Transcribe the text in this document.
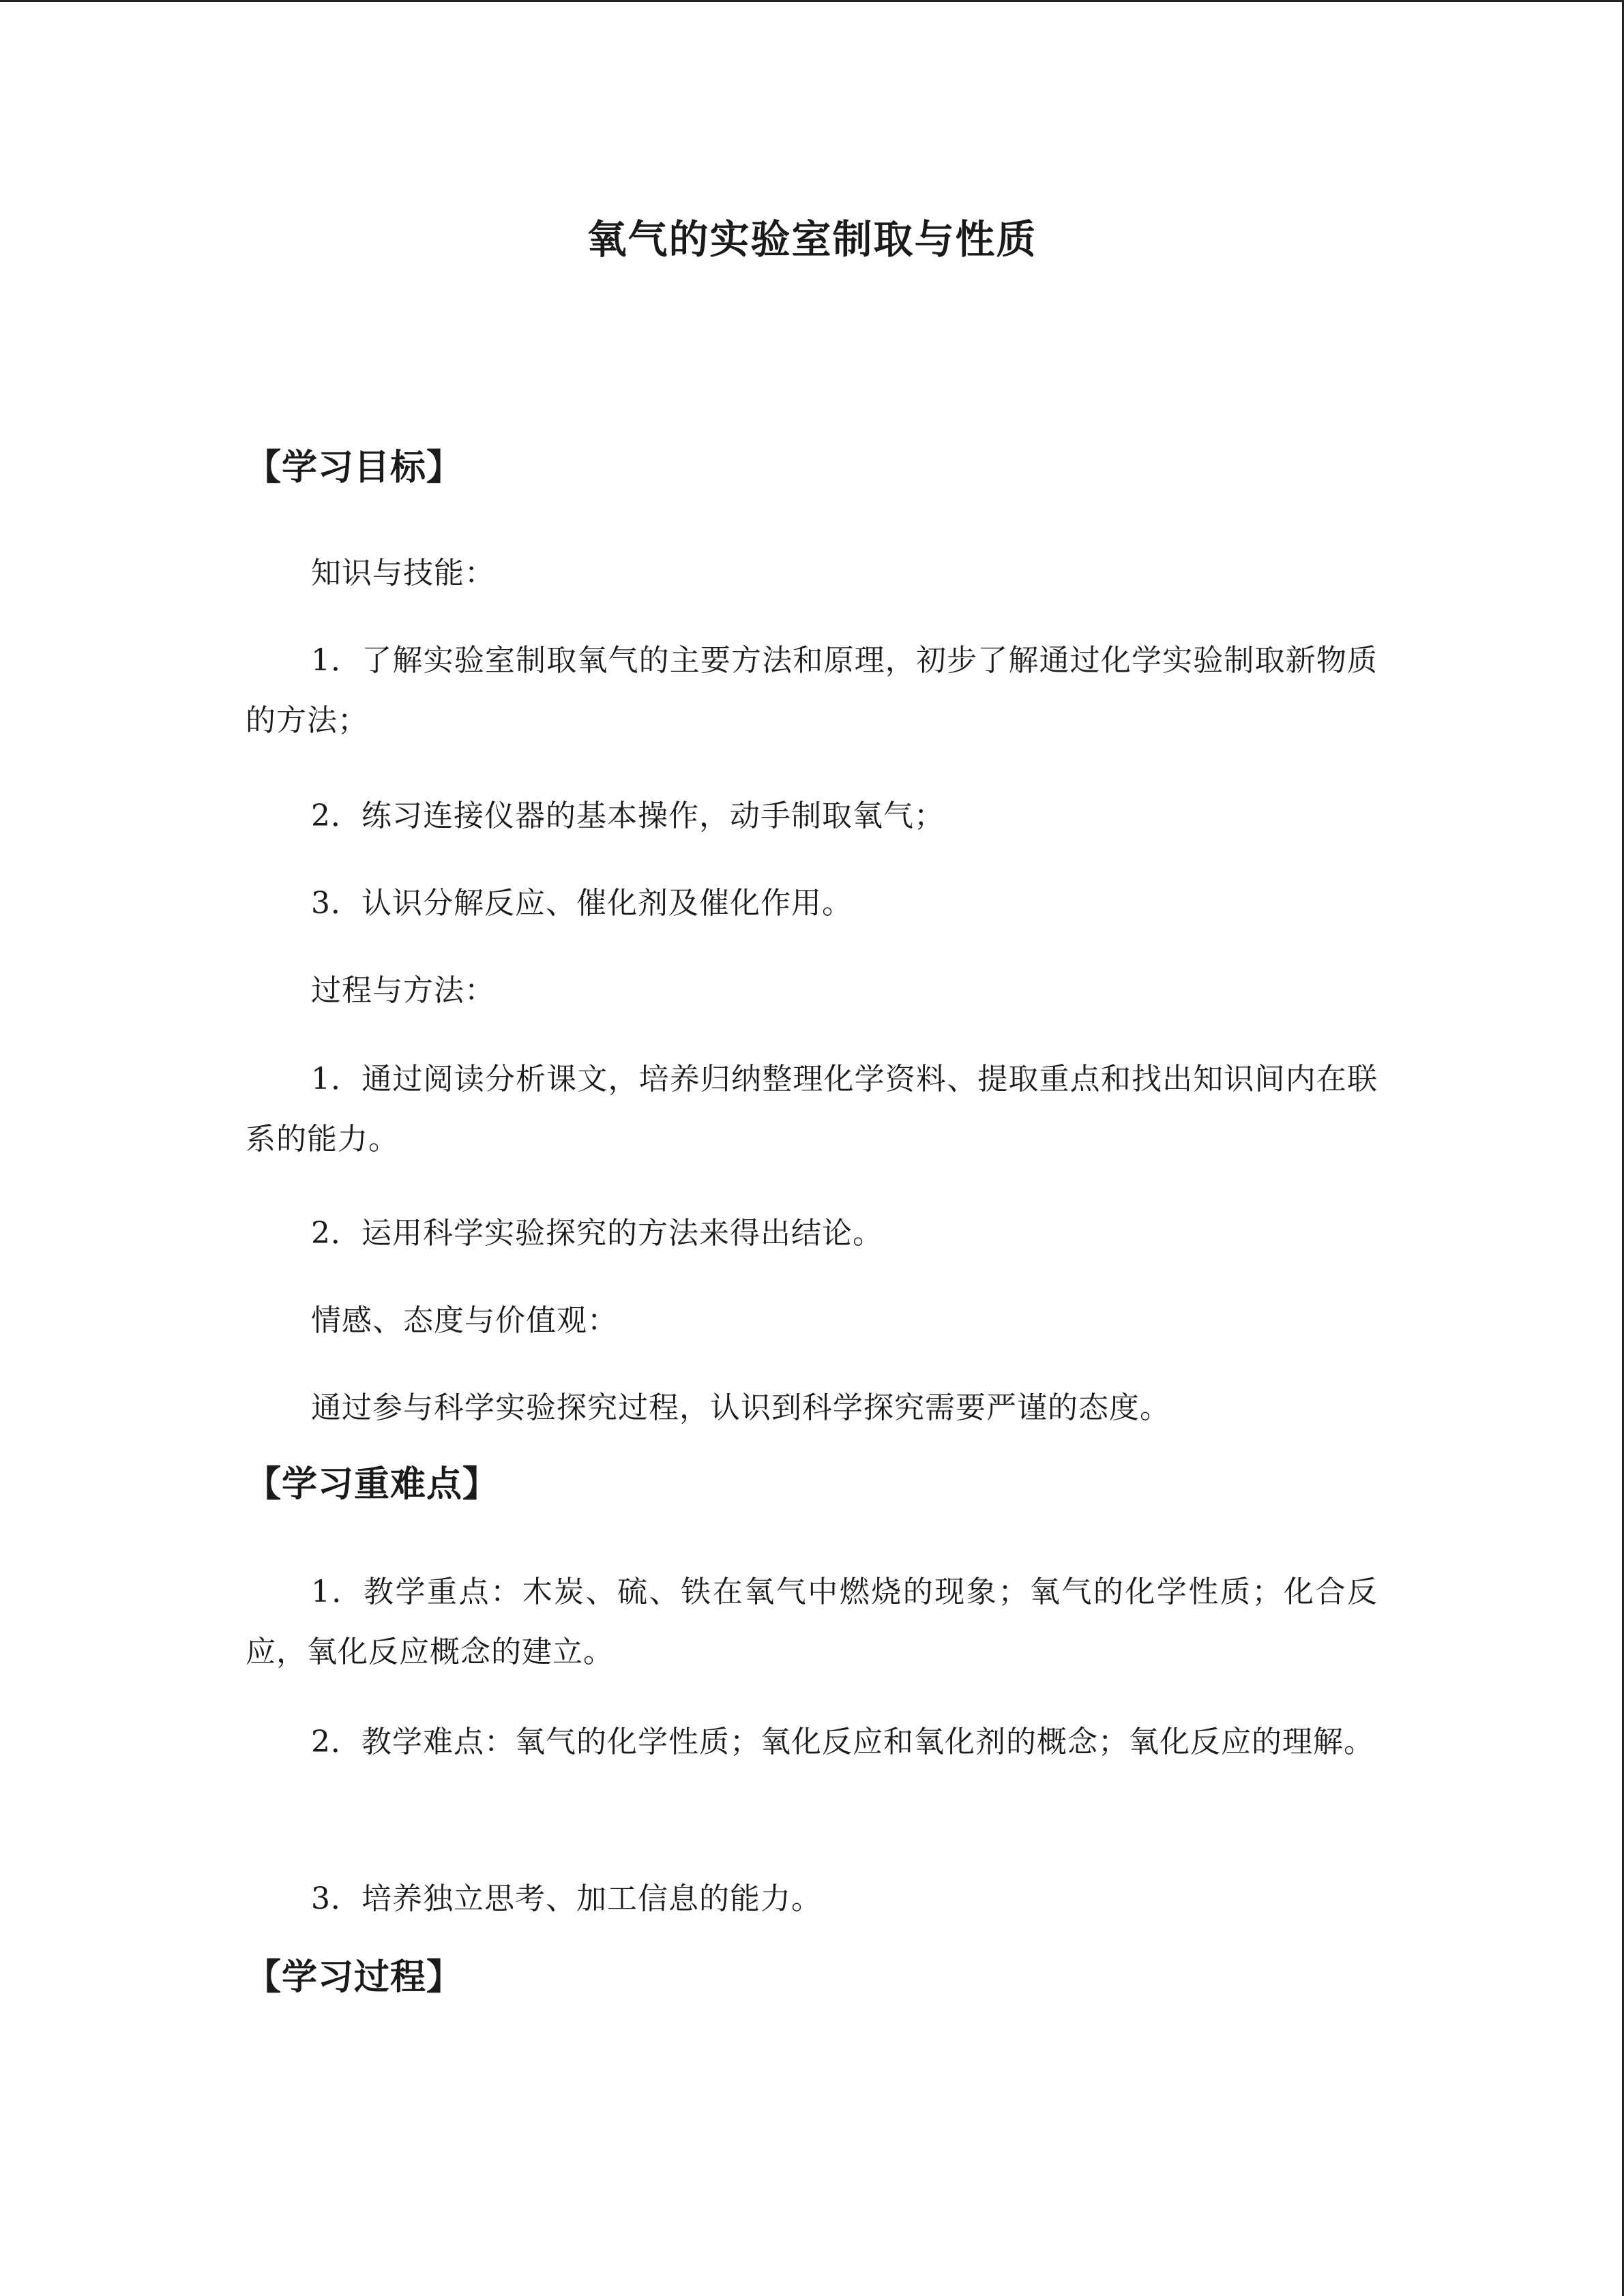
氧气的实验室制取与性质
【学习目标】
知识与技能：
1．了解实验室制取氧气的主要方法和原理，初步了解通过化学实验制取新物质的方法；
2．练习连接仪器的基本操作，动手制取氧气；
3．认识分解反应、催化剂及催化作用。
过程与方法：
1．通过阅读分析课文，培养归纳整理化学资料、提取重点和找出知识间内在联系的能力。
2．运用科学实验探究的方法来得出结论。
情感、态度与价值观：
通过参与科学实验探究过程，认识到科学探究需要严谨的态度。
【学习重难点】
1．教学重点：木炭、硫、铁在氧气中燃烧的现象；氧气的化学性质；化合反应，氧化反应概念的建立。
2．教学难点：氧气的化学性质；氧化反应和氧化剂的概念；氧化反应的理解。
3．培养独立思考、加工信息的能力。
【学习过程】
